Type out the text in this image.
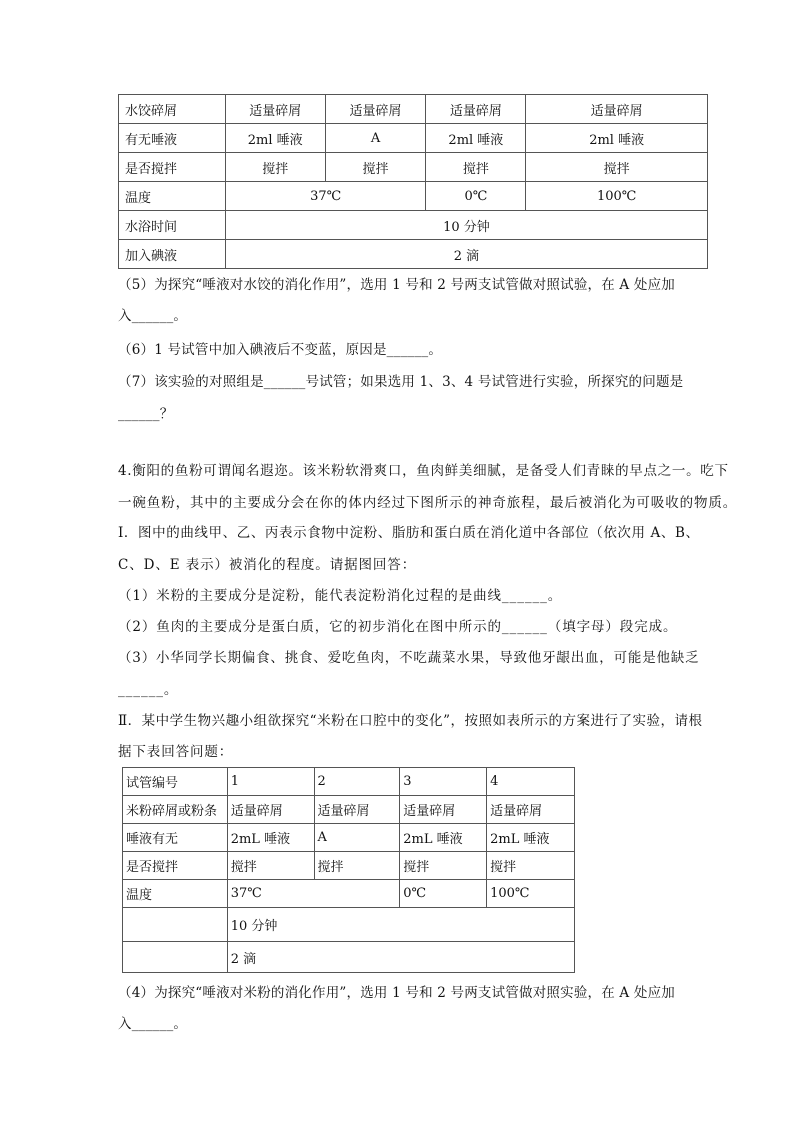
水饺碎屑	适量碎屑	适量碎屑	适量碎屑	适量碎屑
有无唾液	2ml 唾液	A	2ml 唾液	2ml 唾液
是否搅拌	搅拌	搅拌	搅拌	搅拌
温度	37℃		0℃	100℃
水浴时间	10 分钟			
加入碘液	2 滴			
（5）为探究“唾液对水饺的消化作用”，选用 1 号和 2 号两支试管做对照试验，在 A 处应加
入______。
（6）1 号试管中加入碘液后不变蓝，原因是______。
（7）该实验的对照组是______号试管；如果选用 1、3、4 号试管进行实验，所探究的问题是
______？
4.衡阳的鱼粉可谓闻名遐迩。该米粉软滑爽口，鱼肉鲜美细腻，是备受人们青睐的早点之一。吃下
一碗鱼粉，其中的主要成分会在你的体内经过下图所示的神奇旅程，最后被消化为可吸收的物质。
Ⅰ．图中的曲线甲、乙、丙表示食物中淀粉、脂肪和蛋白质在消化道中各部位（依次用 A、B、
C、D、E 表示）被消化的程度。请据图回答：
（1）米粉的主要成分是淀粉，能代表淀粉消化过程的是曲线______。
（2）鱼肉的主要成分是蛋白质，它的初步消化在图中所示的______（填字母）段完成。
（3）小华同学长期偏食、挑食、爱吃鱼肉，不吃蔬菜水果，导致他牙龈出血，可能是他缺乏
______。
Ⅱ．某中学生物兴趣小组欲探究“米粉在口腔中的变化”，按照如表所示的方案进行了实验，请根
据下表回答问题：
试管编号	1	2	3	4
米粉碎屑或粉条	适量碎屑	适量碎屑	适量碎屑	适量碎屑
唾液有无	2mL 唾液	A	2mL 唾液	2mL 唾液
是否搅拌	搅拌	搅拌	搅拌	搅拌
温度	37℃		0℃	100℃
	10 分钟			
	2 滴			
（4）为探究“唾液对米粉的消化作用”，选用 1 号和 2 号两支试管做对照实验，在 A 处应加
入______。
